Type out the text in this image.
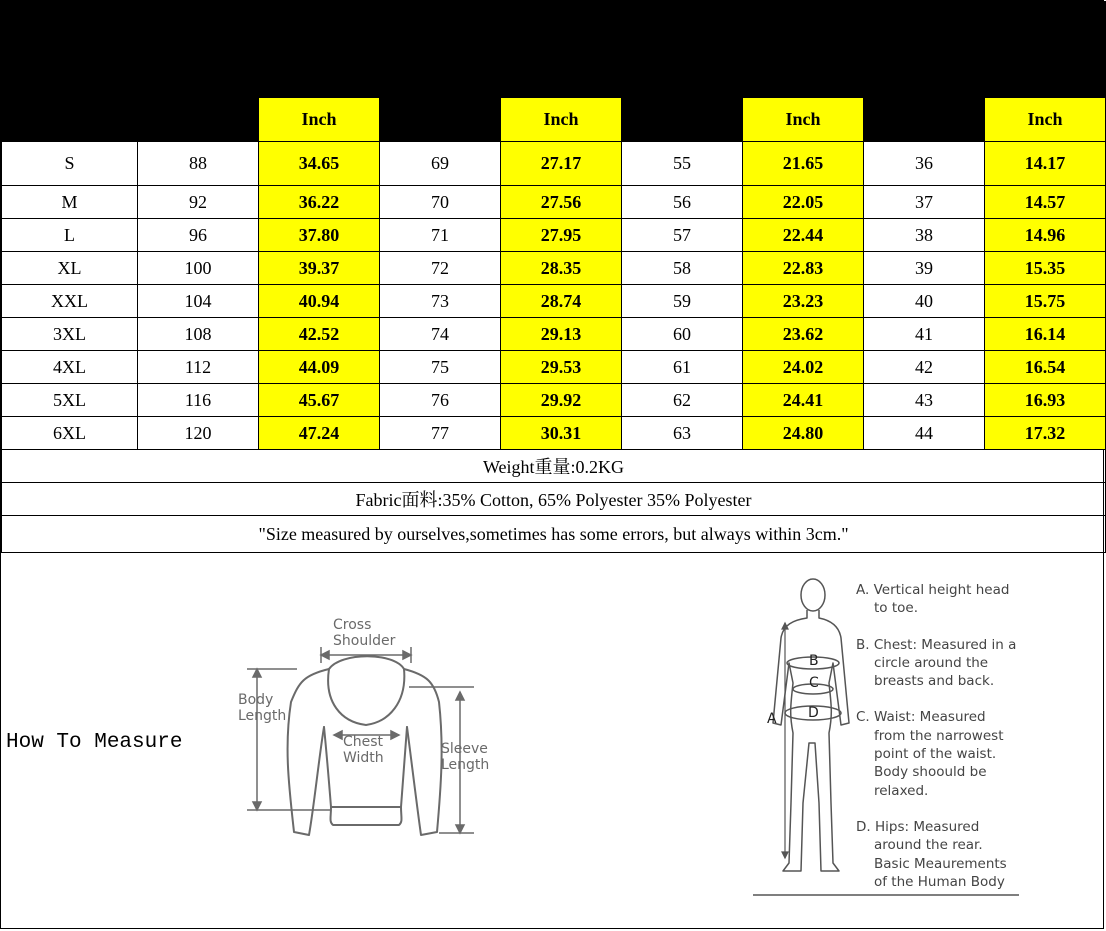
Size	Measurement							
	Chest		Length		Sleeve		Shoulder	
	cm	Inch	cm	Inch	cm	Inch	cm	Inch
S	88	34.65	69	27.17	55	21.65	36	14.17
M	92	36.22	70	27.56	56	22.05	37	14.57
L	96	37.80	71	27.95	57	22.44	38	14.96
XL	100	39.37	72	28.35	58	22.83	39	15.35
XXL	104	40.94	73	28.74	59	23.23	40	15.75
3XL	108	42.52	74	29.13	60	23.62	41	16.14
4XL	112	44.09	75	29.53	61	24.02	42	16.54
5XL	116	45.67	76	29.92	62	24.41	43	16.93
6XL	120	47.24	77	30.31	63	24.80	44	17.32
Weight重量:0.2KG								
Fabric面料:35% Cotton, 65% Polyester 35% Polyester								
"Size measured by ourselves,sometimes has some errors, but always within 3cm."								
How To Measure
Cross
Shoulder
Body
Length
Chest
Width
Sleeve
Length
A
B
C
D

A. Vertical height head
to toe.

B. Chest: Measured in a
circle around the
breasts and back.

C. Waist: Measured
from the narrowest
point of the waist.
Body shoould be
relaxed.

D. Hips: Measured
around the rear.
Basic Meaurements
of the Human Body
